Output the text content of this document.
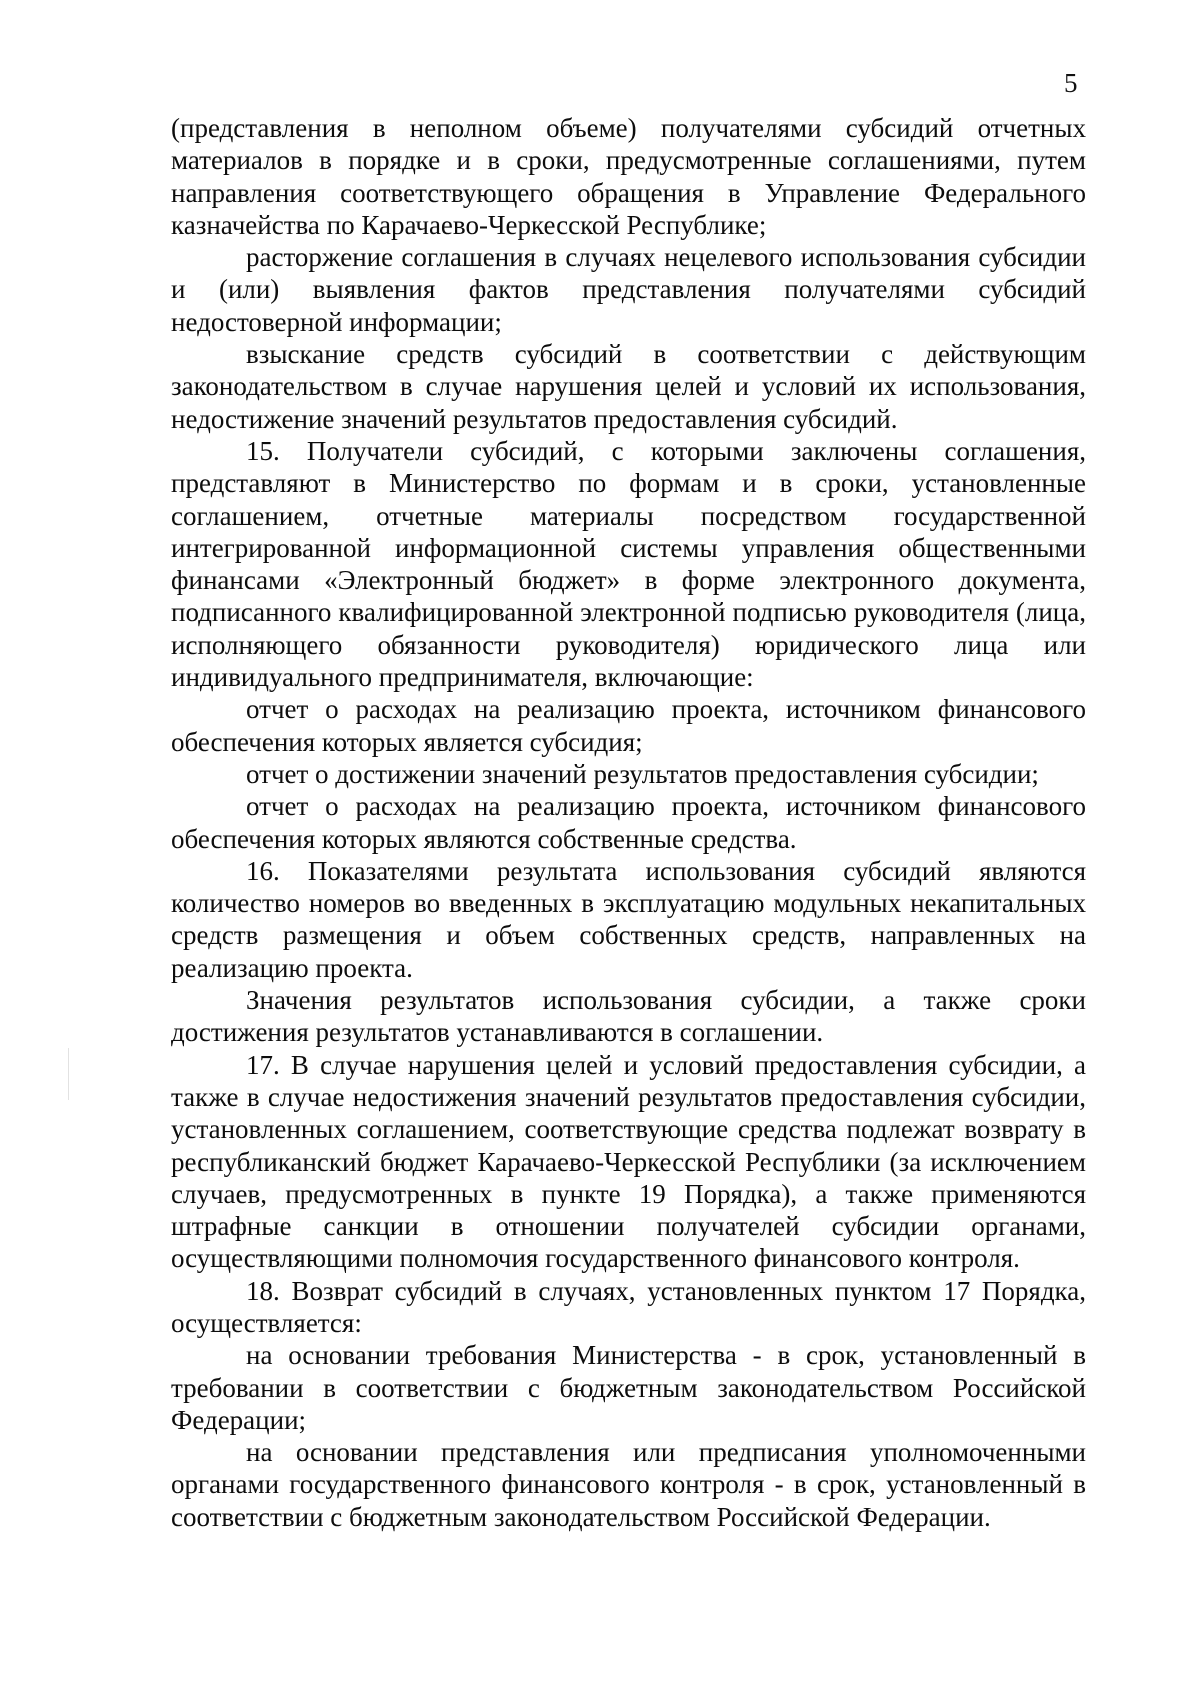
5

(представления в неполном объеме) получателями субсидий отчетных материалов в порядке и в сроки, предусмотренные соглашениями, путем направления соответствующего обращения в Управление Федерального казначейства по Карачаево-Черкесской Республике;

расторжение соглашения в случаях нецелевого использования субсидии и (или) выявления фактов представления получателями субсидий недостоверной информации;

взыскание средств субсидий в соответствии с действующим законодательством в случае нарушения целей и условий их использования, недостижение значений результатов предоставления субсидий.

15. Получатели субсидий, с которыми заключены соглашения, представляют в Министерство по формам и в сроки, установленные соглашением, отчетные материалы посредством государственной интегрированной информационной системы управления общественными финансами «Электронный бюджет» в форме электронного документа, подписанного квалифицированной электронной подписью руководителя (лица, исполняющего обязанности руководителя) юридического лица или индивидуального предпринимателя, включающие:

отчет о расходах на реализацию проекта, источником финансового обеспечения которых является субсидия;

отчет о достижении значений результатов предоставления субсидии;

отчет о расходах на реализацию проекта, источником финансового обеспечения которых являются собственные средства.

16. Показателями результата использования субсидий являются количество номеров во введенных в эксплуатацию модульных некапитальных средств размещения и объем собственных средств, направленных на реализацию проекта.

Значения результатов использования субсидии, а также сроки достижения результатов устанавливаются в соглашении.

17. В случае нарушения целей и условий предоставления субсидии, а также в случае недостижения значений результатов предоставления субсидии, установленных соглашением, соответствующие средства подлежат возврату в республиканский бюджет Карачаево-Черкесской Республики (за исключением случаев, предусмотренных в пункте 19 Порядка), а также применяются штрафные санкции в отношении получателей субсидии органами, осуществляющими полномочия государственного финансового контроля.

18. Возврат субсидий в случаях, установленных пунктом 17 Порядка, осуществляется:

на основании требования Министерства - в срок, установленный в требовании в соответствии с бюджетным законодательством Российской Федерации;

на основании представления или предписания уполномоченными органами государственного финансового контроля - в срок, установленный в соответствии с бюджетным законодательством Российской Федерации.
